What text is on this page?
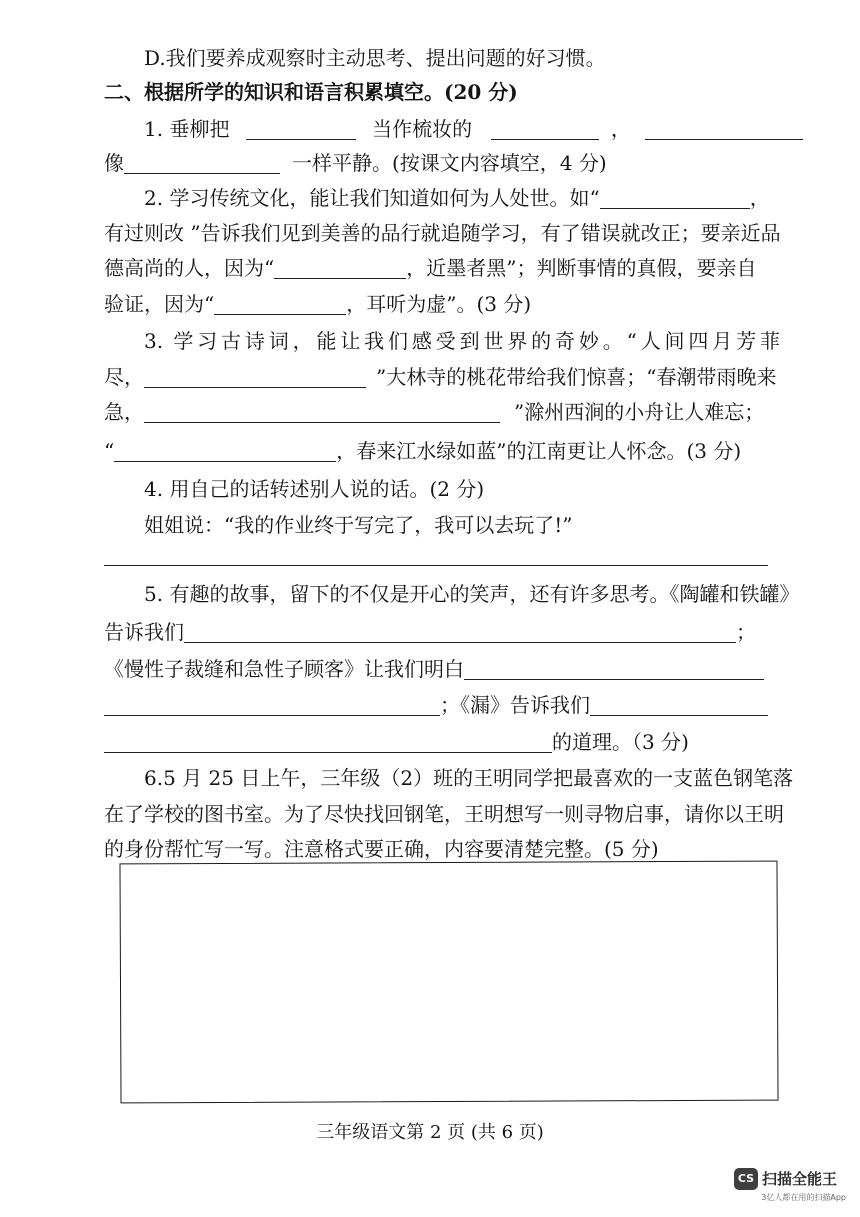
D.我们要养成观察时主动思考、提出问题的好习惯。
二、根据所学的知识和语言积累填空。(20 分)
1. 垂柳把	当作梳妆的	，
像	一样平静。(按课文内容填空，4 分)
2. 学习传统文化，能让我们知道如何为人处世。如“	，
有过则改 ”告诉我们见到美善的品行就追随学习，有了错误就改正；要亲近品
德高尚的人，因为“	，近墨者黑”；判断事情的真假，要亲自
验证，因为“	，耳听为虚”。(3 分)
3. 学习古诗词，能让我们感受到世界的奇妙。“人间四月芳菲
尽，	”大林寺的桃花带给我们惊喜；“春潮带雨晚来
急，	”滁州西涧的小舟让人难忘；
“	，春来江水绿如蓝”的江南更让人怀念。(3 分)
4. 用自己的话转述别人说的话。(2 分)
姐姐说：“我的作业终于写完了，我可以去玩了!”
5. 有趣的故事，留下的不仅是开心的笑声，还有许多思考。《陶罐和铁罐》
告诉我们	；
《慢性子裁缝和急性子顾客》让我们明白
；《漏》告诉我们
的道理。（3 分)
6.5 月 25 日上午，三年级（2）班的王明同学把最喜欢的一支蓝色钢笔落
在了学校的图书室。为了尽快找回钢笔，王明想写一则寻物启事，请你以王明
的身份帮忙写一写。注意格式要正确，内容要清楚完整。(5 分)
三年级语文第 2 页 (共 6 页)
CS 扫描全能王
3亿人都在用的扫描App
